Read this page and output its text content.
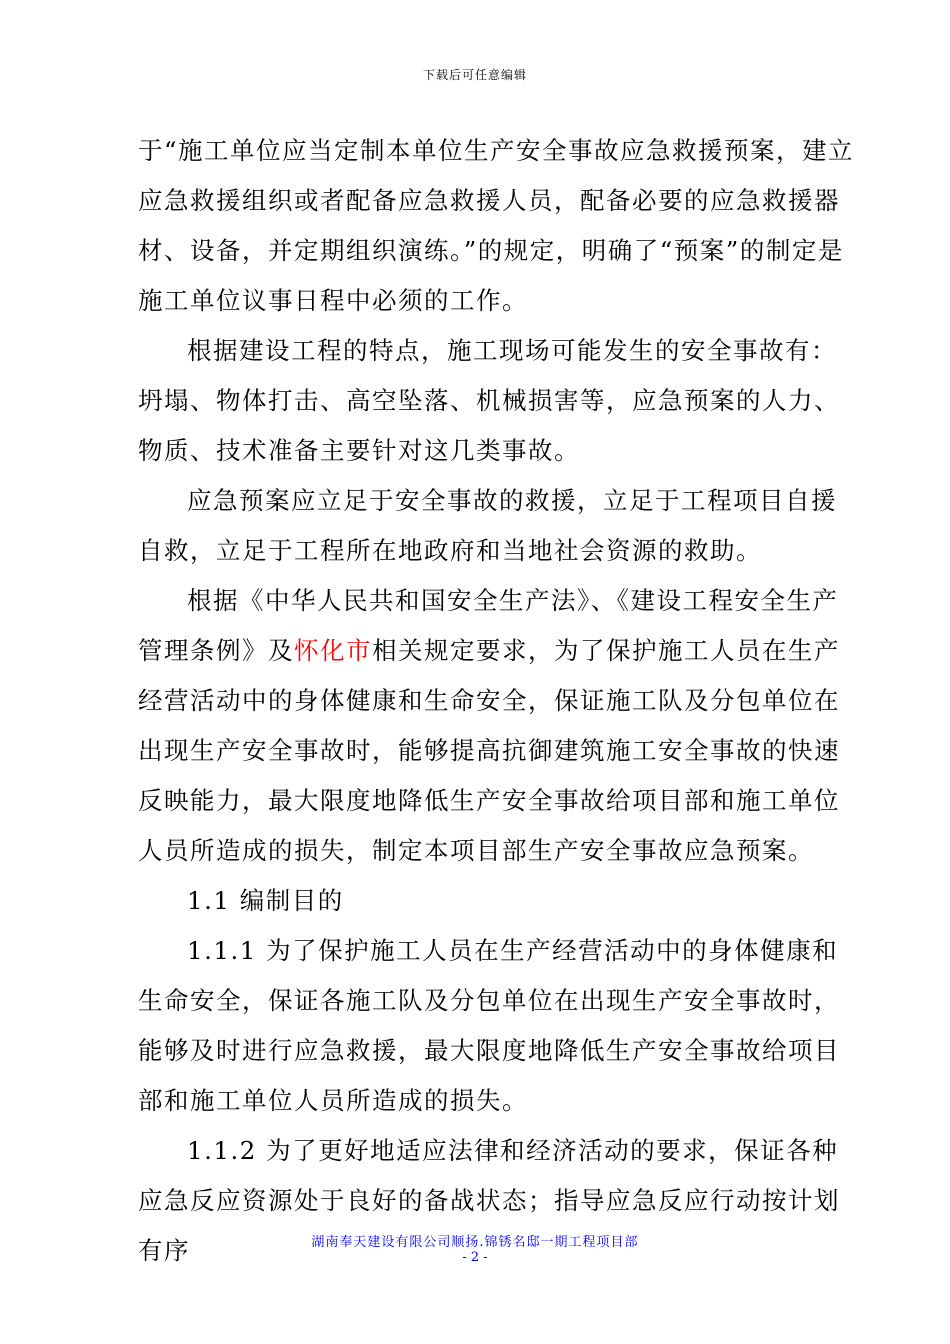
下载后可任意编辑

于“施工单位应当定制本单位生产安全事故应急救援预案，建立应急救援组织或者配备应急救援人员，配备必要的应急救援器材、设备，并定期组织演练。”的规定，明确了“预案”的制定是施工单位议事日程中必须的工作。

根据建设工程的特点，施工现场可能发生的安全事故有：坍塌、物体打击、高空坠落、机械损害等，应急预案的人力、物质、技术准备主要针对这几类事故。

应急预案应立足于安全事故的救援，立足于工程项目自援自救，立足于工程所在地政府和当地社会资源的救助。

根据《中华人民共和国安全生产法》、《建设工程安全生产管理条例》及怀化市相关规定要求，为了保护施工人员在生产经营活动中的身体健康和生命安全，保证施工队及分包单位在出现生产安全事故时，能够提高抗御建筑施工安全事故的快速反映能力，最大限度地降低生产安全事故给项目部和施工单位人员所造成的损失，制定本项目部生产安全事故应急预案。

1.1 编制目的

1.1.1 为了保护施工人员在生产经营活动中的身体健康和生命安全，保证各施工队及分包单位在出现生产安全事故时，能够及时进行应急救援，最大限度地降低生产安全事故给项目部和施工单位人员所造成的损失。

1.1.2 为了更好地适应法律和经济活动的要求，保证各种应急反应资源处于良好的备战状态；指导应急反应行动按计划有序	湖南奉天建设有限公司顺扬.锦锈名邸一期工程项目部
- 2 -
